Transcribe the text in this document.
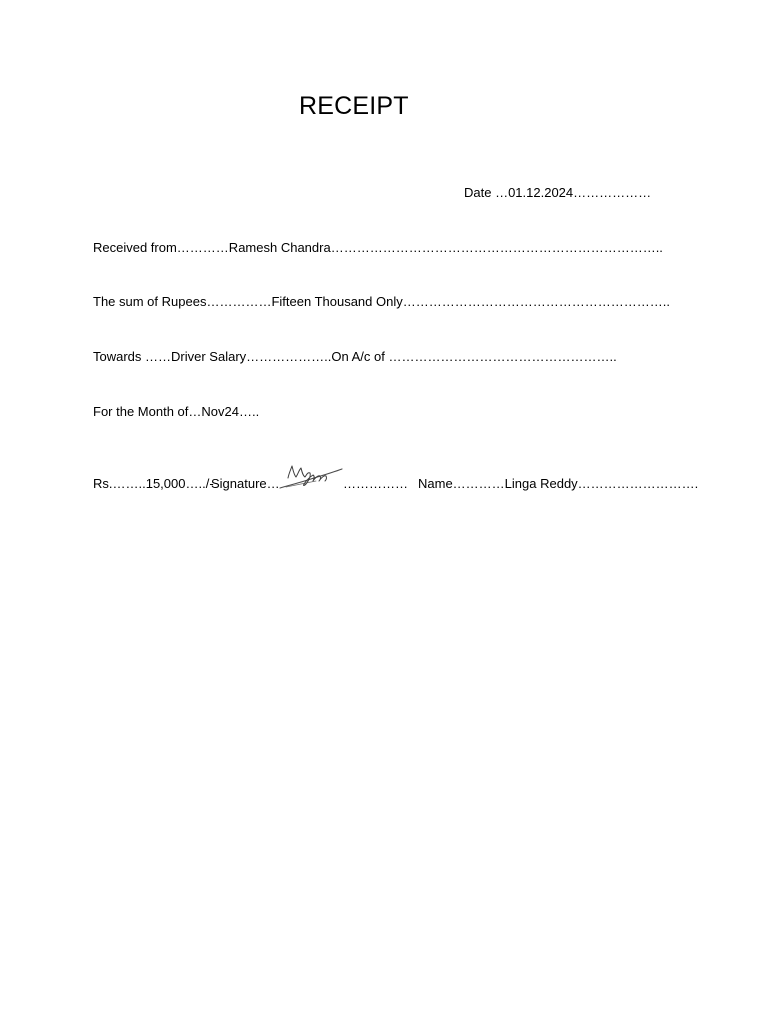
RECEIPT
Date …01.12.2024………………
Received from…………Ramesh Chandra…………………………………………………………………..
The sum of Rupees……………Fifteen Thousand Only……………………………………………………..
Towards ……Driver Salary………………..On A/c of ……………………………………………..
For the Month of…Nov24…..
Rs.……..15,000…../-
Signature…	…………… Name…………Linga Reddy……………………….
